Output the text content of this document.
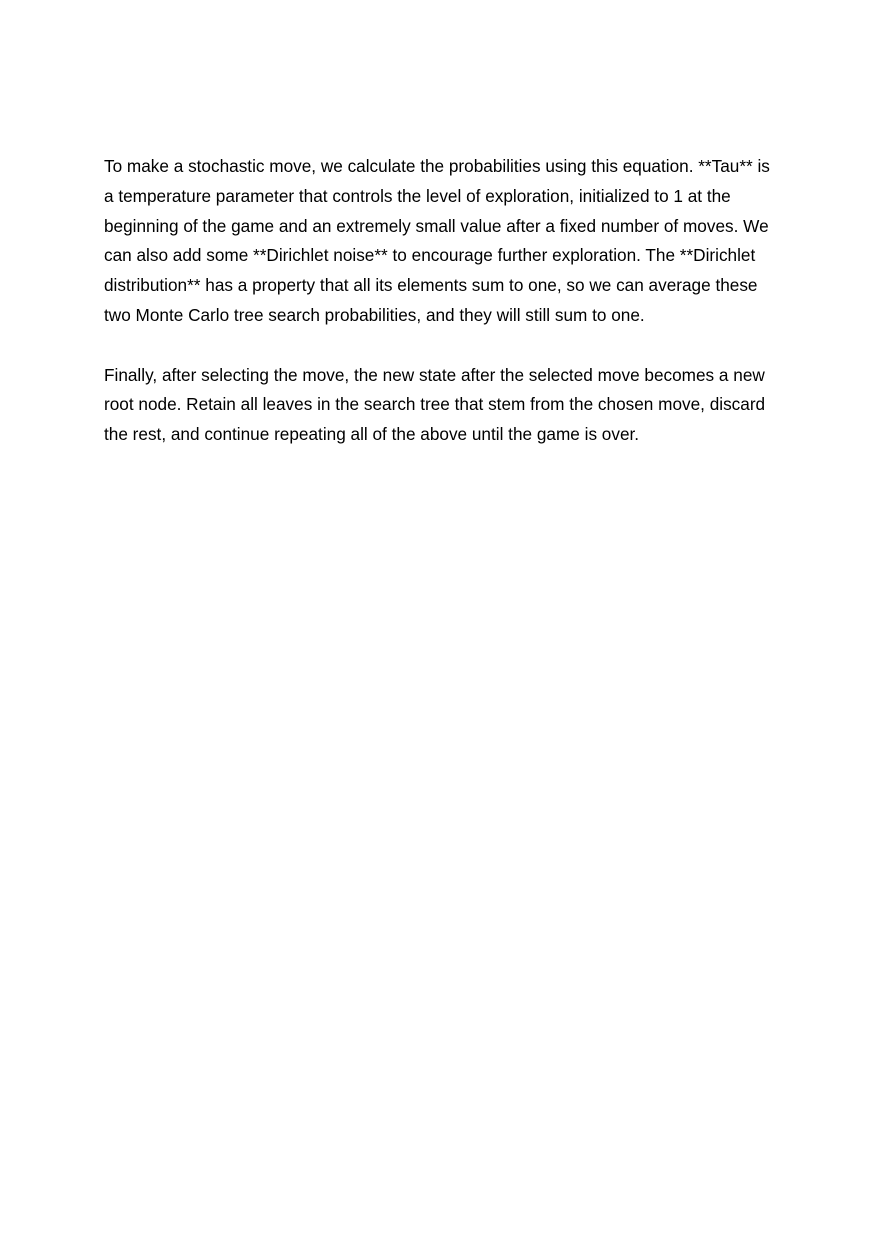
To make a stochastic move, we calculate the probabilities using this equation. **Tau** is a temperature parameter that controls the level of exploration, initialized to 1 at the beginning of the game and an extremely small value after a fixed number of moves. We can also add some **Dirichlet noise** to encourage further exploration. The **Dirichlet distribution** has a property that all its elements sum to one, so we can average these two Monte Carlo tree search probabilities, and they will still sum to one.

Finally, after selecting the move, the new state after the selected move becomes a new root node. Retain all leaves in the search tree that stem from the chosen move, discard the rest, and continue repeating all of the above until the game is over.
